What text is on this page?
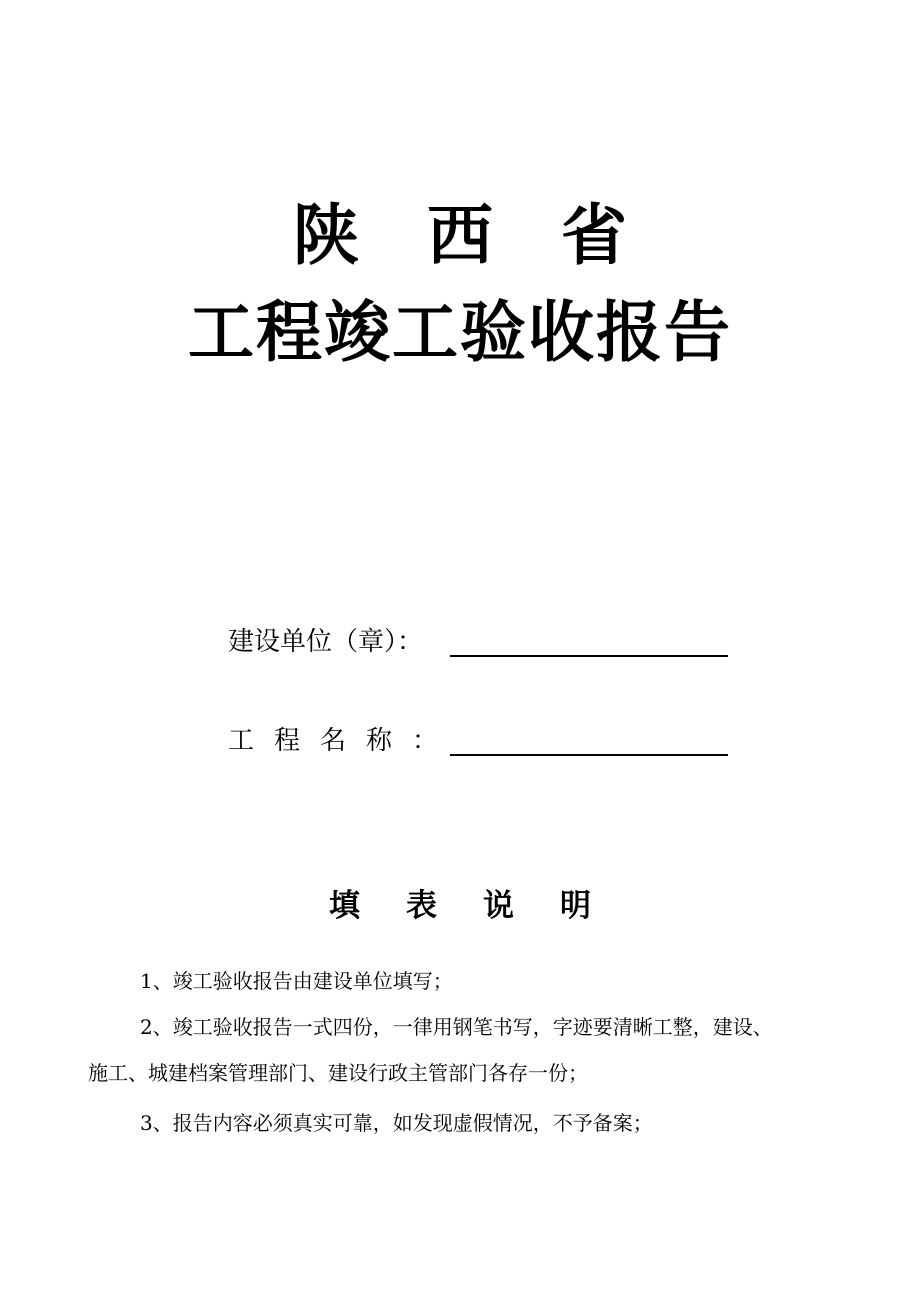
陕西省
工程竣工验收报告
建设单位（章）：
工程名称：
填表说明
1、竣工验收报告由建设单位填写；
2、竣工验收报告一式四份，一律用钢笔书写，字迹要清晰工整，建设、
施工、城建档案管理部门、建设行政主管部门各存一份；
3、报告内容必须真实可靠，如发现虚假情况，不予备案；
